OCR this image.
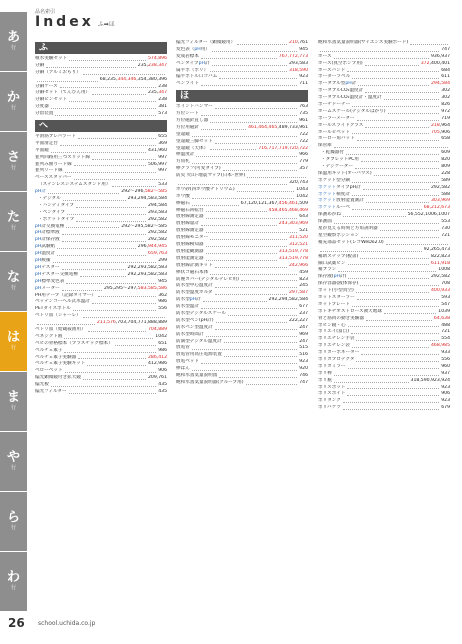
あ
行
か
行
さ
行
た
行
な
行
は
行
ま
行
や
行
ら
行
わ
行
品名索引
Index ふ➡ほ
ふ
噴水実験セット	574,896
分銅	235,238,347
分銅（アルミおもり）
68,235,344,346,354,380,396
分銅ケース	238
分銅セット（てんびん用）	235,347
分銅ピンセット	238
分度器	381
分留装置	573
へ
平滑筋ブレパラート	655
平面滑走台	369
平面鏡	431,960
並列回路用三つスリット線	997
並列み曲りード線	506,997
並列リード線	997
ベーススタッパー
（ステンレスシステムスタンド用）	533
pH計	292〜296,582〜585
・デジタル	293,294,583,584
・ハンディタイプ	294,584
・ペンタイプ	293,583
・ポケットタイプ	292,582
pH計交換電極	292〜295,582〜585
pH計標準液	292,582
pH計保存液	292,582
pH試験紙	296,944,945
pH温度計	659,763
pH緩衝	299
pHテスター	292,293,582,583
pHテスター交換電極	292,293,582,583
pH標準変色表	945
pHメーター	295,295〜297,583,585,586
PH用テープ（記録タイマー）	362
ベッテンコーヘル式氷温計	986
PETダイスボトル	556
ベトリ皿（シャーレ）
211,576,703,704,771,888,889
ベトリ皿（給蔵殺菌用）	704,889
ベネジクト液	1042
ベビの骨格標本（プラスチック標本）	651
ベルチェ素子	986
ベルチェ素子実験器	286,412
ベルチェ素子実験キット	412,986
ベローベット	906
偏光顕微鏡付き拡大鏡	209,761
偏光板	435
偏光フィルター	435
偏光フィルター（顕微鏡用）	210,761
変色表（pH用）	945
変成岩標本	767,772,773
ベンタイプpH計	293,583
扁平ボ（ボリ）	318,590
偏平ボトル口ゴバム	923
ペンライト	711
ほ
ボイントハンマー	763
方位シート	735
方位磁針直し器	961
方位用磁針	461,464,465,489,733,961
望遠鏡	722
望遠鏡三脚セット	722
望遠鏡（天体）	716,717,719,720,722
棒温度計	966
方角札	779
棒グラフ(可変タイプ)	357
防災 火山･地震マップ(日本･世界)
320,743
ホウ砂(四ホウ酸ナトリウム)	1043
ホウ酸	1042
棒磁石	67,120,121,367,456,461,509
棒磁石回転台	458,465,468,469
放射線測定器	643
放射線量計	243,303,969
放射線測定器	521
放射線モニター	311,520
放射線検知器	312,521
放射能観測器	313,519,778
放射能測定器	313,519,778
放射線計測キット	242,966
棒状コ磁石本体	459
防塵カバー(デジタルテレビ用)	823
防水型中心温度計	245
防水型温度ホルダ	297,587
防水型pH計	292,294,582,584
防水型温計	677
防水型デジタルスケール	237
防水型ペン(pH計)	222,227
防水ペン型温度計	247
防水型時間計	969
防滴型デジタル温度計	247
放電管	515
放電管用高圧電源装置	516
放電ベッド	923
棒ばん	920
飽和水蒸気量説明図	746
飽和水蒸気量説明器(グループ用)	747
飽和水蒸気量説明器(サイエンス実験ボード)
747
ホース	936,937
ホース(真空ポンプ用)	372,400,401
ホースバンド	684
ボーダーラベル	611
ボータブル型pH計	294,584
ボータブルCO₂温度計	302
ボータブルCO₂温度計・温度計	302
ボーチドーナー	826
ホームスケール(デジタルはかり)	972
ボーラーメーター	719
ホールスライドグラス	218,964
ホールピペット	705,906
ホーロー角バット	658
保管庫
・乾燥器付	609
・タブレットPC用	820
・デジケーター	809
保温用キット(オーバウス)	228
ポケット型分銅	589
ポケットタイプpH計	292,582
ポケット積度計	588
ポケット放射能置測計	303,969
ポケットルーペ	68,212,673
保護めがね	56,552,1006,1007
保護面	553
星が見える時刻と方角説明器	730
星空観察ポジション	721
補充部品セット(レゴWeDo2.0)
92,265,473
補助ステップ(板書)	822,823
細口試薬ビン	611,918
補ブラシ	1008
保存液(pH計)	292,582
保存容器(液体保存)	708
ボット(小型真空)	400,933
ホットスターラー	593
ホットプレート	547
ボトキヂオストロース教天地球	1039
骨と筋肉の動き実験器	64,638
ボビン鏡・心	488
ボリエイ(富自)	721
ボリエチレン手袋	554
ボリエチレン袋	468,985
ボリカーボネーター	933
ボリカプロテクタ	556
ボリカミラー	960
ボリ棒	937
ボリ瓶	318,590,923,924
ボリスポット	923
ボリスポイト	906
ボリタンク	923
ボリバケツ	679
26 school.uchida.co.jp
